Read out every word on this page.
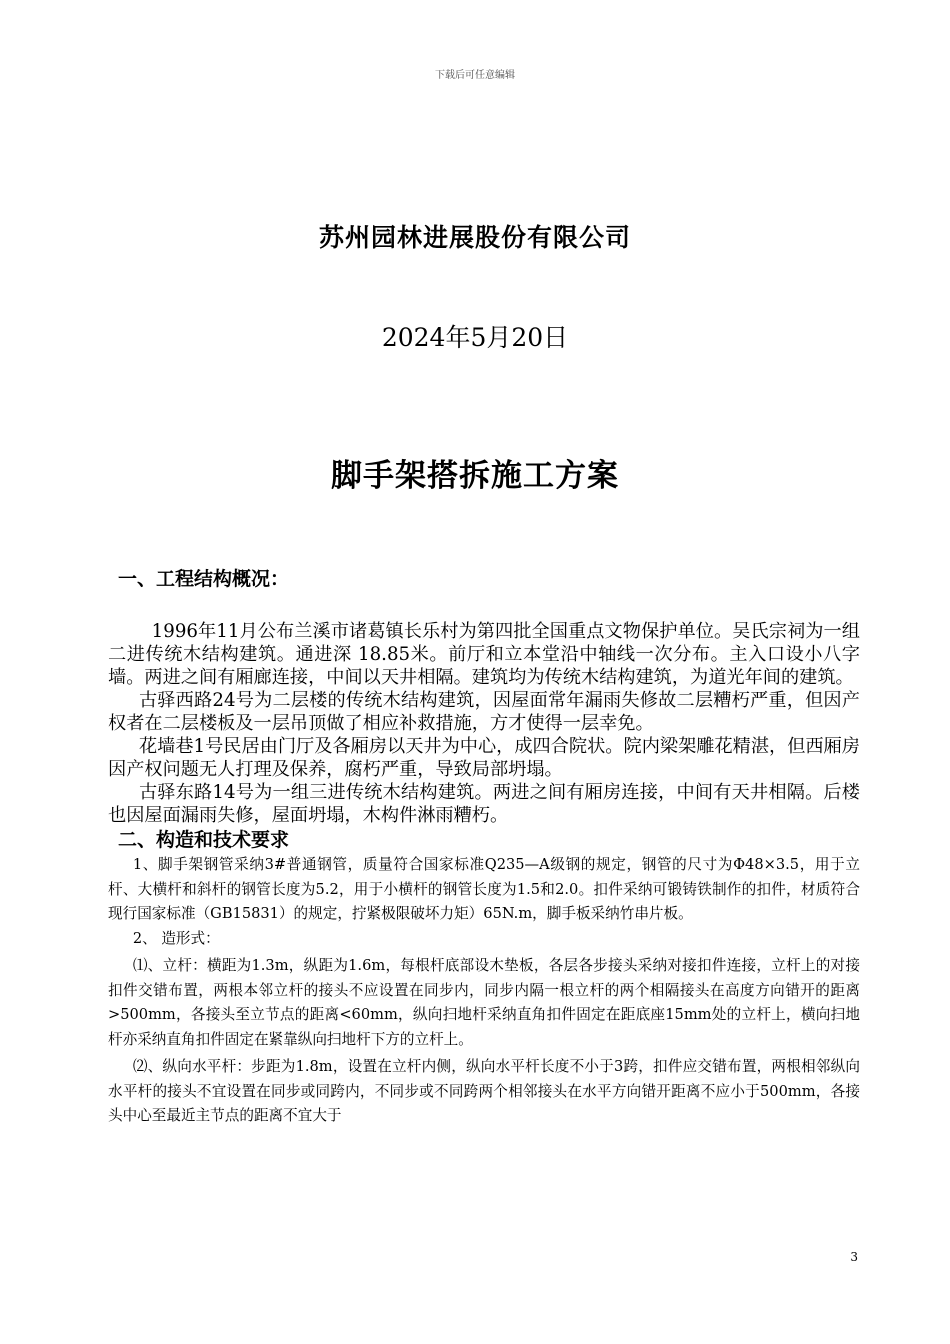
下载后可任意编辑
苏州园林进展股份有限公司
2024年5月20日
脚手架搭拆施工方案
一、工程结构概况：

1996年11月公布兰溪市诸葛镇长乐村为第四批全国重点文物保护单位。吴氏宗祠为一组二进传统木结构建筑。通进深 18.85米。前厅和立本堂沿中轴线一次分布。主入口设小八字墙。两进之间有厢廊连接，中间以天井相隔。建筑均为传统木结构建筑，为道光年间的建筑。

古驿西路24号为二层楼的传统木结构建筑，因屋面常年漏雨失修故二层糟朽严重，但因产权者在二层楼板及一层吊顶做了相应补救措施，方才使得一层幸免。

花墙巷1号民居由门厅及各厢房以天井为中心，成四合院状。院内梁架雕花精湛，但西厢房因产权问题无人打理及保养，腐朽严重，导致局部坍塌。

古驿东路14号为一组三进传统木结构建筑。两进之间有厢房连接，中间有天井相隔。后楼也因屋面漏雨失修，屋面坍塌，木构件淋雨糟朽。

二、构造和技术要求

1、脚手架钢管采纳3#普通钢管，质量符合国家标准Q235—A级钢的规定，钢管的尺寸为Φ48×3.5，用于立杆、大横杆和斜杆的钢管长度为5.2，用于小横杆的钢管长度为1.5和2.0。扣件采纳可锻铸铁制作的扣件，材质符合现行国家标准（GB15831）的规定，拧紧极限破坏力矩）65N.m，脚手板采纳竹串片板。

2、 造形式：

⑴、立杆：横距为1.3m，纵距为1.6m，每根杆底部设木垫板，各层各步接头采纳对接扣件连接，立杆上的对接扣件交错布置，两根本邻立杆的接头不应设置在同步内，同步内隔一根立杆的两个相隔接头在高度方向错开的距离>500mm，各接头至立节点的距离<60mm，纵向扫地杆采纳直角扣件固定在距底座15mm处的立杆上，横向扫地杆亦采纳直角扣件固定在紧靠纵向扫地杆下方的立杆上。

⑵、纵向水平杆：步距为1.8m，设置在立杆内侧，纵向水平杆长度不小于3跨，扣件应交错布置，两根相邻纵向水平杆的接头不宜设置在同步或同跨内，不同步或不同跨两个相邻接头在水平方向错开距离不应小于500mm，各接头中心至最近主节点的距离不宜大于

3
